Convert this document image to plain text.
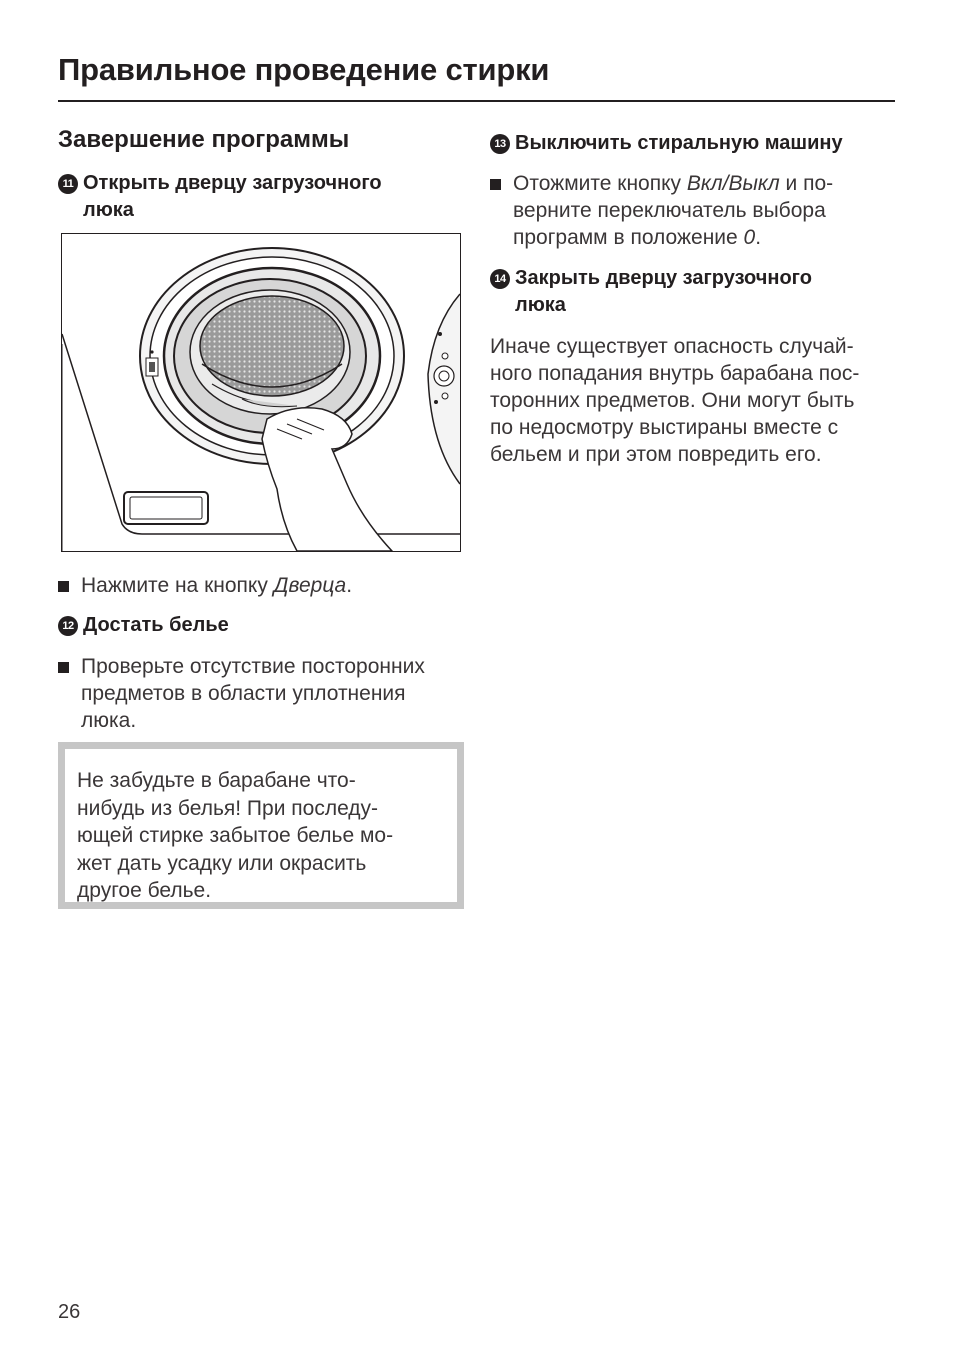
Правильное проведение стирки
Завершение программы
11 Открыть дверцу загрузочного
люка
Нажмите на кнопку Дверца.
12 Достать белье
Проверьте отсутствие посторонних
предметов в области уплотнения
люка.
Не забудьте в барабане что-
нибудь из белья! При последу-
ющей стирке забытое белье мо-
жет дать усадку или окрасить
другое белье.
13 Выключить стиральную машину
Отожмите кнопку Вкл/Выкл и по-
верните переключатель выбора
программ в положение 0.
14 Закрыть дверцу загрузочного
люка
Иначе существует опасность случай-
ного попадания внутрь барабана пос-
торонних предметов. Они могут быть
по недосмотру выстираны вместе с
бельем и при этом повредить его.
26
